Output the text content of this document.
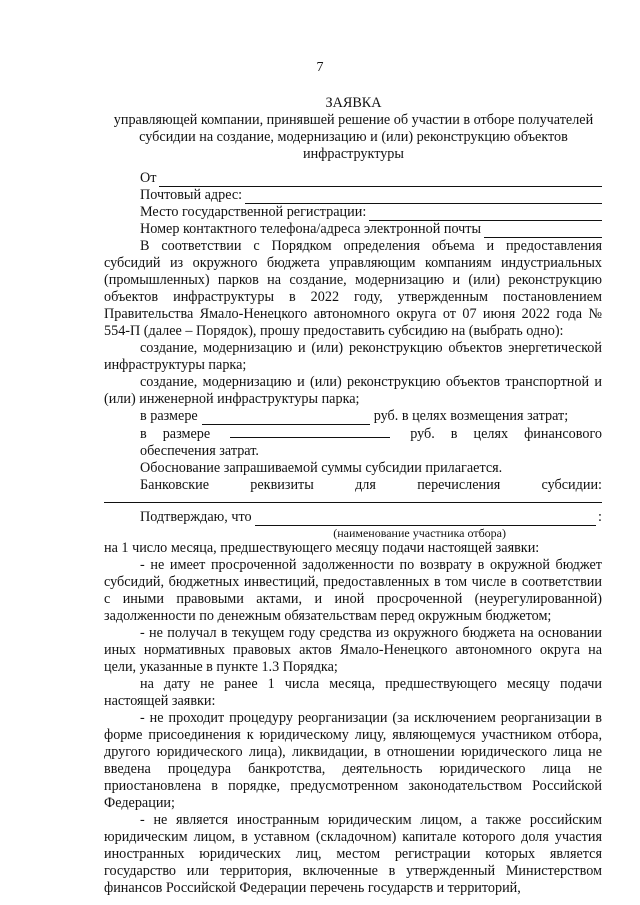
7
ЗАЯВКА
управляющей компании, принявшей решение об участии в отборе получателей субсидии на создание, модернизацию и (или) реконструкцию объектов инфраструктуры
От
Почтовый адрес:
Место государственной регистрации:
Номер контактного телефона/адреса электронной почты

В соответствии с Порядком определения объема и предоставления субсидий из окружного бюджета управляющим компаниям индустриальных (промышленных) парков на создание, модернизацию и (или) реконструкцию объектов инфраструктуры в 2022 году, утвержденным постановлением Правительства Ямало-Ненецкого автономного округа от 07 июня 2022 года № 554-П (далее – Порядок), прошу предоставить субсидию на (выбрать одно):

создание, модернизацию и (или) реконструкцию объектов энергетической инфраструктуры парка;

создание, модернизацию и (или) реконструкцию объектов транспортной и (или) инженерной инфраструктуры парка;

в размере	руб. в целях возмещения затрат;
в размере	руб. в целях финансового обеспечения затрат.

Обоснование запрашиваемой суммы субсидии прилагается.

Банковские реквизиты для перечисления субсидии:
Подтверждаю, что	:
(наименование участника отбора)

на 1 число месяца, предшествующего месяцу подачи настоящей заявки:

- не имеет просроченной задолженности по возврату в окружной бюджет субсидий, бюджетных инвестиций, предоставленных в том числе в соответствии с иными правовыми актами, и иной просроченной (неурегулированной) задолженности по денежным обязательствам перед окружным бюджетом;

- не получал в текущем году средства из окружного бюджета на основании иных нормативных правовых актов Ямало-Ненецкого автономного округа на цели, указанные в пункте 1.3 Порядка;

на дату не ранее 1 числа месяца, предшествующего месяцу подачи настоящей заявки:

- не проходит процедуру реорганизации (за исключением реорганизации в форме присоединения к юридическому лицу, являющемуся участником отбора, другого юридического лица), ликвидации, в отношении юридического лица не введена процедура банкротства, деятельность юридического лица не приостановлена в порядке, предусмотренном законодательством Российской Федерации;

- не является иностранным юридическим лицом, а также российским юридическим лицом, в уставном (складочном) капитале которого доля участия иностранных юридических лиц, местом регистрации которых является государство или территория, включенные в утвержденный Министерством финансов Российской Федерации перечень государств и территорий,
